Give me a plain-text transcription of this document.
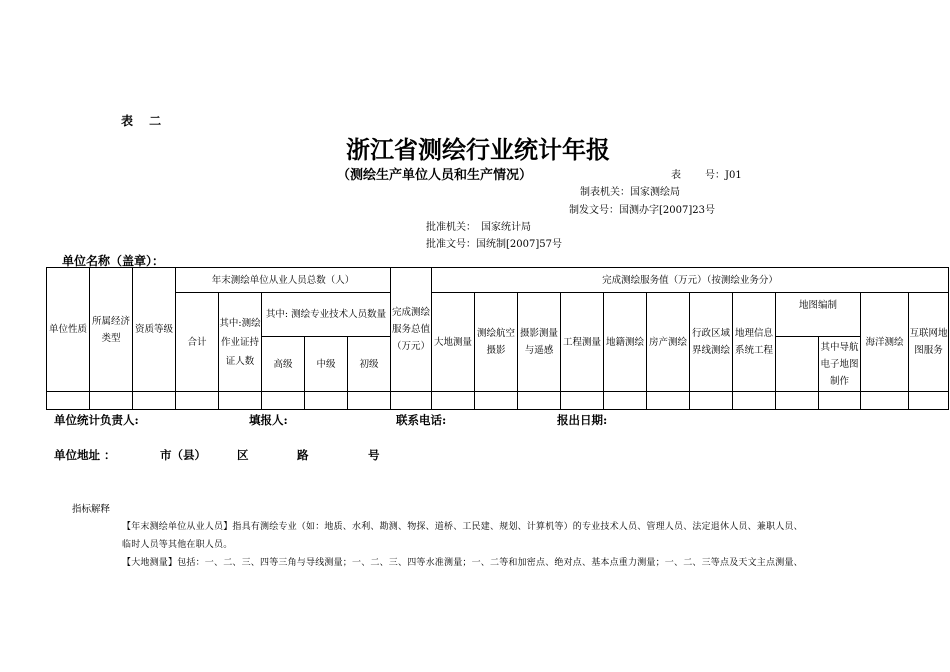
表 二
浙江省测绘行业统计年报
（测绘生产单位人员和生产情况）	表 号：J01
制表机关：国家测绘局
制发文号：国测办字[2007]23号
批准机关：　国家统计局
批准文号：国统制[2007]57号
单位名称（盖章）：
单位性质	所属经济类型	资质等级	年末测绘单位从业人员总数（人）					完成测绘服务总值（万元）	完成测绘服务值（万元）（按测绘业务分）											
			合计	其中:测绘作业证持证人数	其中: 测绘专业技术人员数量				大地测量	测绘航空摄影	摄影测量与遥感	工程测量	地籍测绘	房产测绘	行政区域界线测绘	地理信息系统工程	地图编制		海洋测绘	互联网地图服务
					高级	中级	初级											其中导航电子地图制作		

单位统计负责人:	填报人:	联系电话:	报出日期:
单位地址 ：	市（县）	区	路	号
指标解释
【年末测绘单位从业人员】指具有测绘专业（如：地质、水利、勘测、物探、道桥、工民建、规划、计算机等）的专业技术人员、管理人员、法定退休人员、兼职人员、
临时人员等其他在职人员。
【大地测量】包括：一、二、三、四等三角与导线测量；一、二、三、四等水准测量；一、二等和加密点、绝对点、基本点重力测量；一、二、三等点及天文主点测量、
